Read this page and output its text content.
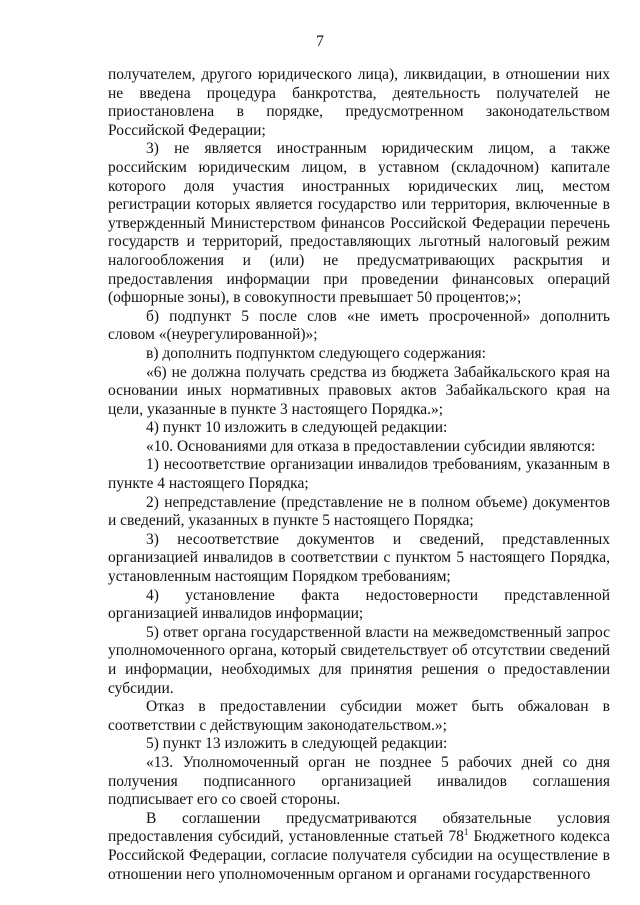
7

получателем, другого юридического лица), ликвидации, в отношении них не введена процедура банкротства, деятельность получателей не приостановлена в порядке, предусмотренном законодательством Российской Федерации;

3) не является иностранным юридическим лицом, а также российским юридическим лицом, в уставном (складочном) капитале которого доля участия иностранных юридических лиц, местом регистрации которых является государство или территория, включенные в утвержденный Министерством финансов Российской Федерации перечень государств и территорий, предоставляющих льготный налоговый режим налогообложения и (или) не предусматривающих раскрытия и предоставления информации при проведении финансовых операций (офшорные зоны), в совокупности превышает 50 процентов;»;

б) подпункт 5 после слов «не иметь просроченной» дополнить словом «(неурегулированной)»;

в) дополнить подпунктом следующего содержания:

«6) не должна получать средства из бюджета Забайкальского края на основании иных нормативных правовых актов Забайкальского края на цели, указанные в пункте 3 настоящего Порядка.»;

4) пункт 10 изложить в следующей редакции:

«10. Основаниями для отказа в предоставлении субсидии являются:

1) несоответствие организации инвалидов требованиям, указанным в пункте 4 настоящего Порядка;

2) непредставление (представление не в полном объеме) документов и сведений, указанных в пункте 5 настоящего Порядка;

3) несоответствие документов и сведений, представленных организацией инвалидов в соответствии с пунктом 5 настоящего Порядка, установленным настоящим Порядком требованиям;

4) установление факта недостоверности представленной организацией инвалидов информации;

5) ответ органа государственной власти на межведомственный запрос уполномоченного органа, который свидетельствует об отсутствии сведений и информации, необходимых для принятия решения о предоставлении субсидии.

Отказ в предоставлении субсидии может быть обжалован в соответствии с действующим законодательством.»;

5) пункт 13 изложить в следующей редакции:

«13. Уполномоченный орган не позднее 5 рабочих дней со дня получения подписанного организацией инвалидов соглашения подписывает его со своей стороны.

В соглашении предусматриваются обязательные условия предоставления субсидий, установленные статьей $78^1$ Бюджетного кодекса Российской Федерации, согласие получателя субсидии на осуществление в отношении него уполномоченным органом и органами государственного
